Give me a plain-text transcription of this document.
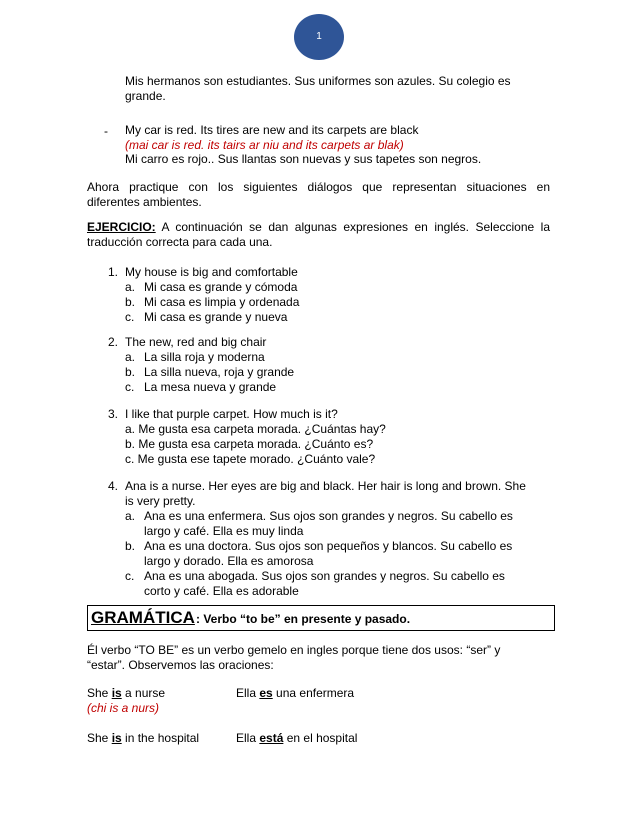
1
Mis hermanos son estudiantes. Sus uniformes son azules. Su colegio es
grande.
- My car is red. Its tires are new and its carpets are black
(mai car is red. its tairs ar niu and its carpets ar blak)
Mi carro es rojo.. Sus llantas son nuevas y sus tapetes son negros.
Ahora practique con los siguientes diálogos que representan situaciones en
diferentes ambientes.
EJERCICIO: A continuación se dan algunas expresiones en inglés. Seleccione la
traducción correcta para cada una.
1. My house is big and comfortable
a. Mi casa es grande y cómoda
b. Mi casa es limpia y ordenada
c. Mi casa es grande y nueva
2. The new, red and big chair
a. La silla roja y moderna
b. La silla nueva, roja y grande
c. La mesa nueva y grande
3. I like that purple carpet. How much is it?
a. Me gusta esa carpeta morada. ¿Cuántas hay?
b. Me gusta esa carpeta morada. ¿Cuánto es?
c. Me gusta ese tapete morado. ¿Cuánto vale?
4. Ana is a nurse. Her eyes are big and black. Her hair is long and brown. She
is very pretty.
a. Ana es una enfermera. Sus ojos son grandes y negros. Su cabello es
largo y café. Ella es muy linda
b. Ana es una doctora. Sus ojos son pequeños y blancos. Su cabello es
largo y dorado. Ella es amorosa
c. Ana es una abogada. Sus ojos son grandes y negros. Su cabello es
corto y café. Ella es adorable
GRAMÁTICA : Verbo “to be” en presente y pasado.
Él verbo “TO BE” es un verbo gemelo en ingles porque tiene dos usos: “ser” y
“estar”. Observemos las oraciones:
She is a nurse	Ella es una enfermera
(chi is a nurs)
She is in the hospital	Ella está en el hospital
